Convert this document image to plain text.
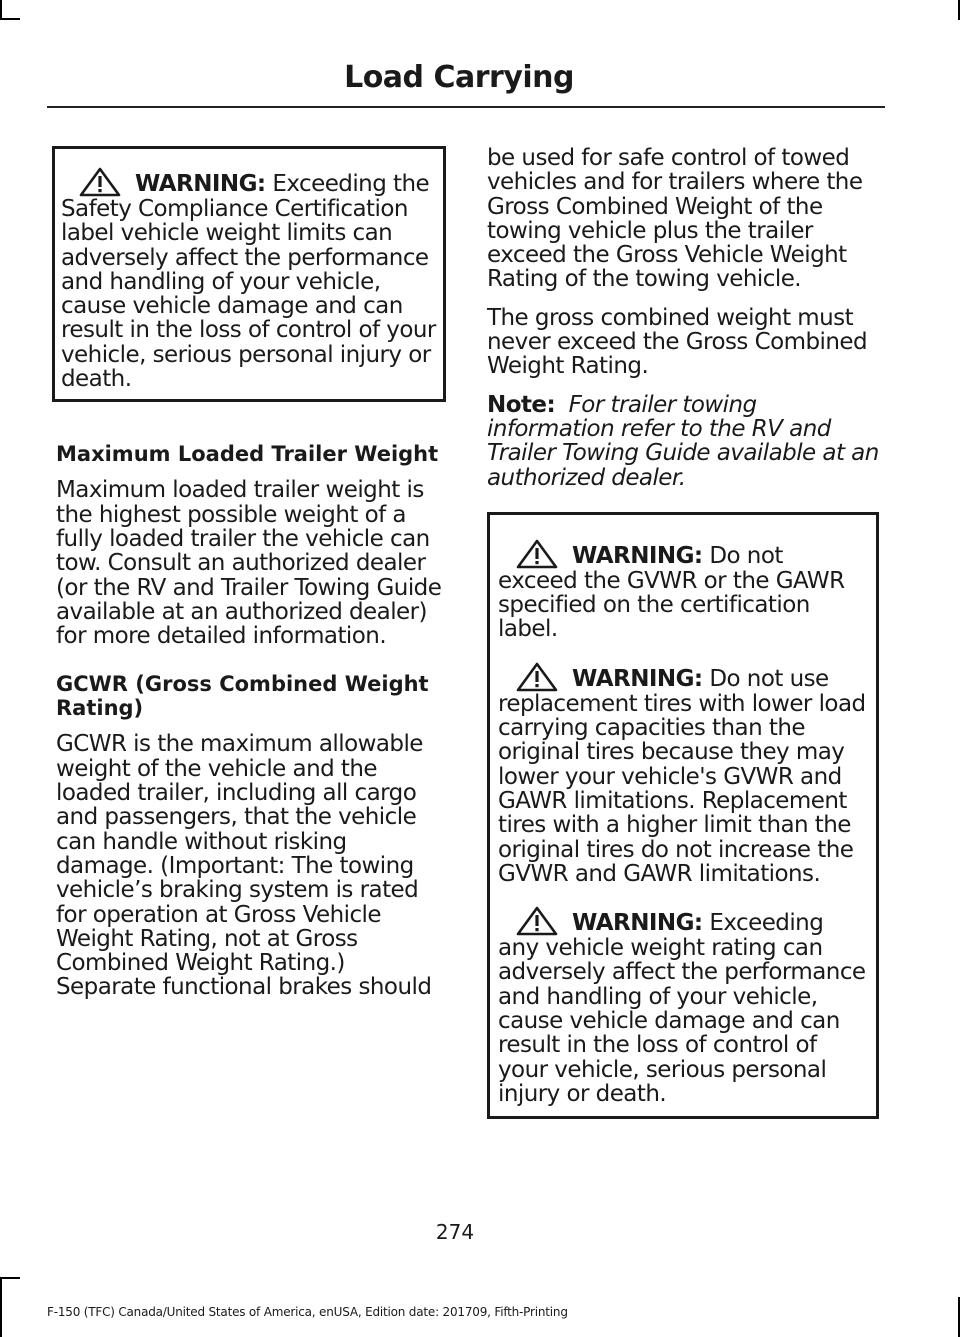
Load Carrying

WARNING: Exceeding the Safety Compliance Certification label vehicle weight limits can adversely affect the performance and handling of your vehicle, cause vehicle damage and can result in the loss of control of your vehicle, serious personal injury or death.

Maximum Loaded Trailer Weight

Maximum loaded trailer weight is the highest possible weight of a fully loaded trailer the vehicle can tow. Consult an authorized dealer (or the RV and Trailer Towing Guide available at an authorized dealer) for more detailed information.

GCWR (Gross Combined Weight Rating)

GCWR is the maximum allowable weight of the vehicle and the loaded trailer, including all cargo and passengers, that the vehicle can handle without risking damage. (Important: The towing vehicle’s braking system is rated for operation at Gross Vehicle Weight Rating, not at Gross Combined Weight Rating.) Separate functional brakes should

be used for safe control of towed vehicles and for trailers where the Gross Combined Weight of the towing vehicle plus the trailer exceed the Gross Vehicle Weight Rating of the towing vehicle.

The gross combined weight must never exceed the Gross Combined Weight Rating.

Note: For trailer towing information refer to the RV and Trailer Towing Guide available at an authorized dealer.

WARNING: Do not exceed the GVWR or the GAWR specified on the certification label.

WARNING: Do not use replacement tires with lower load carrying capacities than the original tires because they may lower your vehicle's GVWR and GAWR limitations. Replacement tires with a higher limit than the original tires do not increase the GVWR and GAWR limitations.

WARNING: Exceeding any vehicle weight rating can adversely affect the performance and handling of your vehicle, cause vehicle damage and can result in the loss of control of your vehicle, serious personal injury or death.

274
F-150 (TFC) Canada/United States of America, enUSA, Edition date: 201709, Fifth-Printing
